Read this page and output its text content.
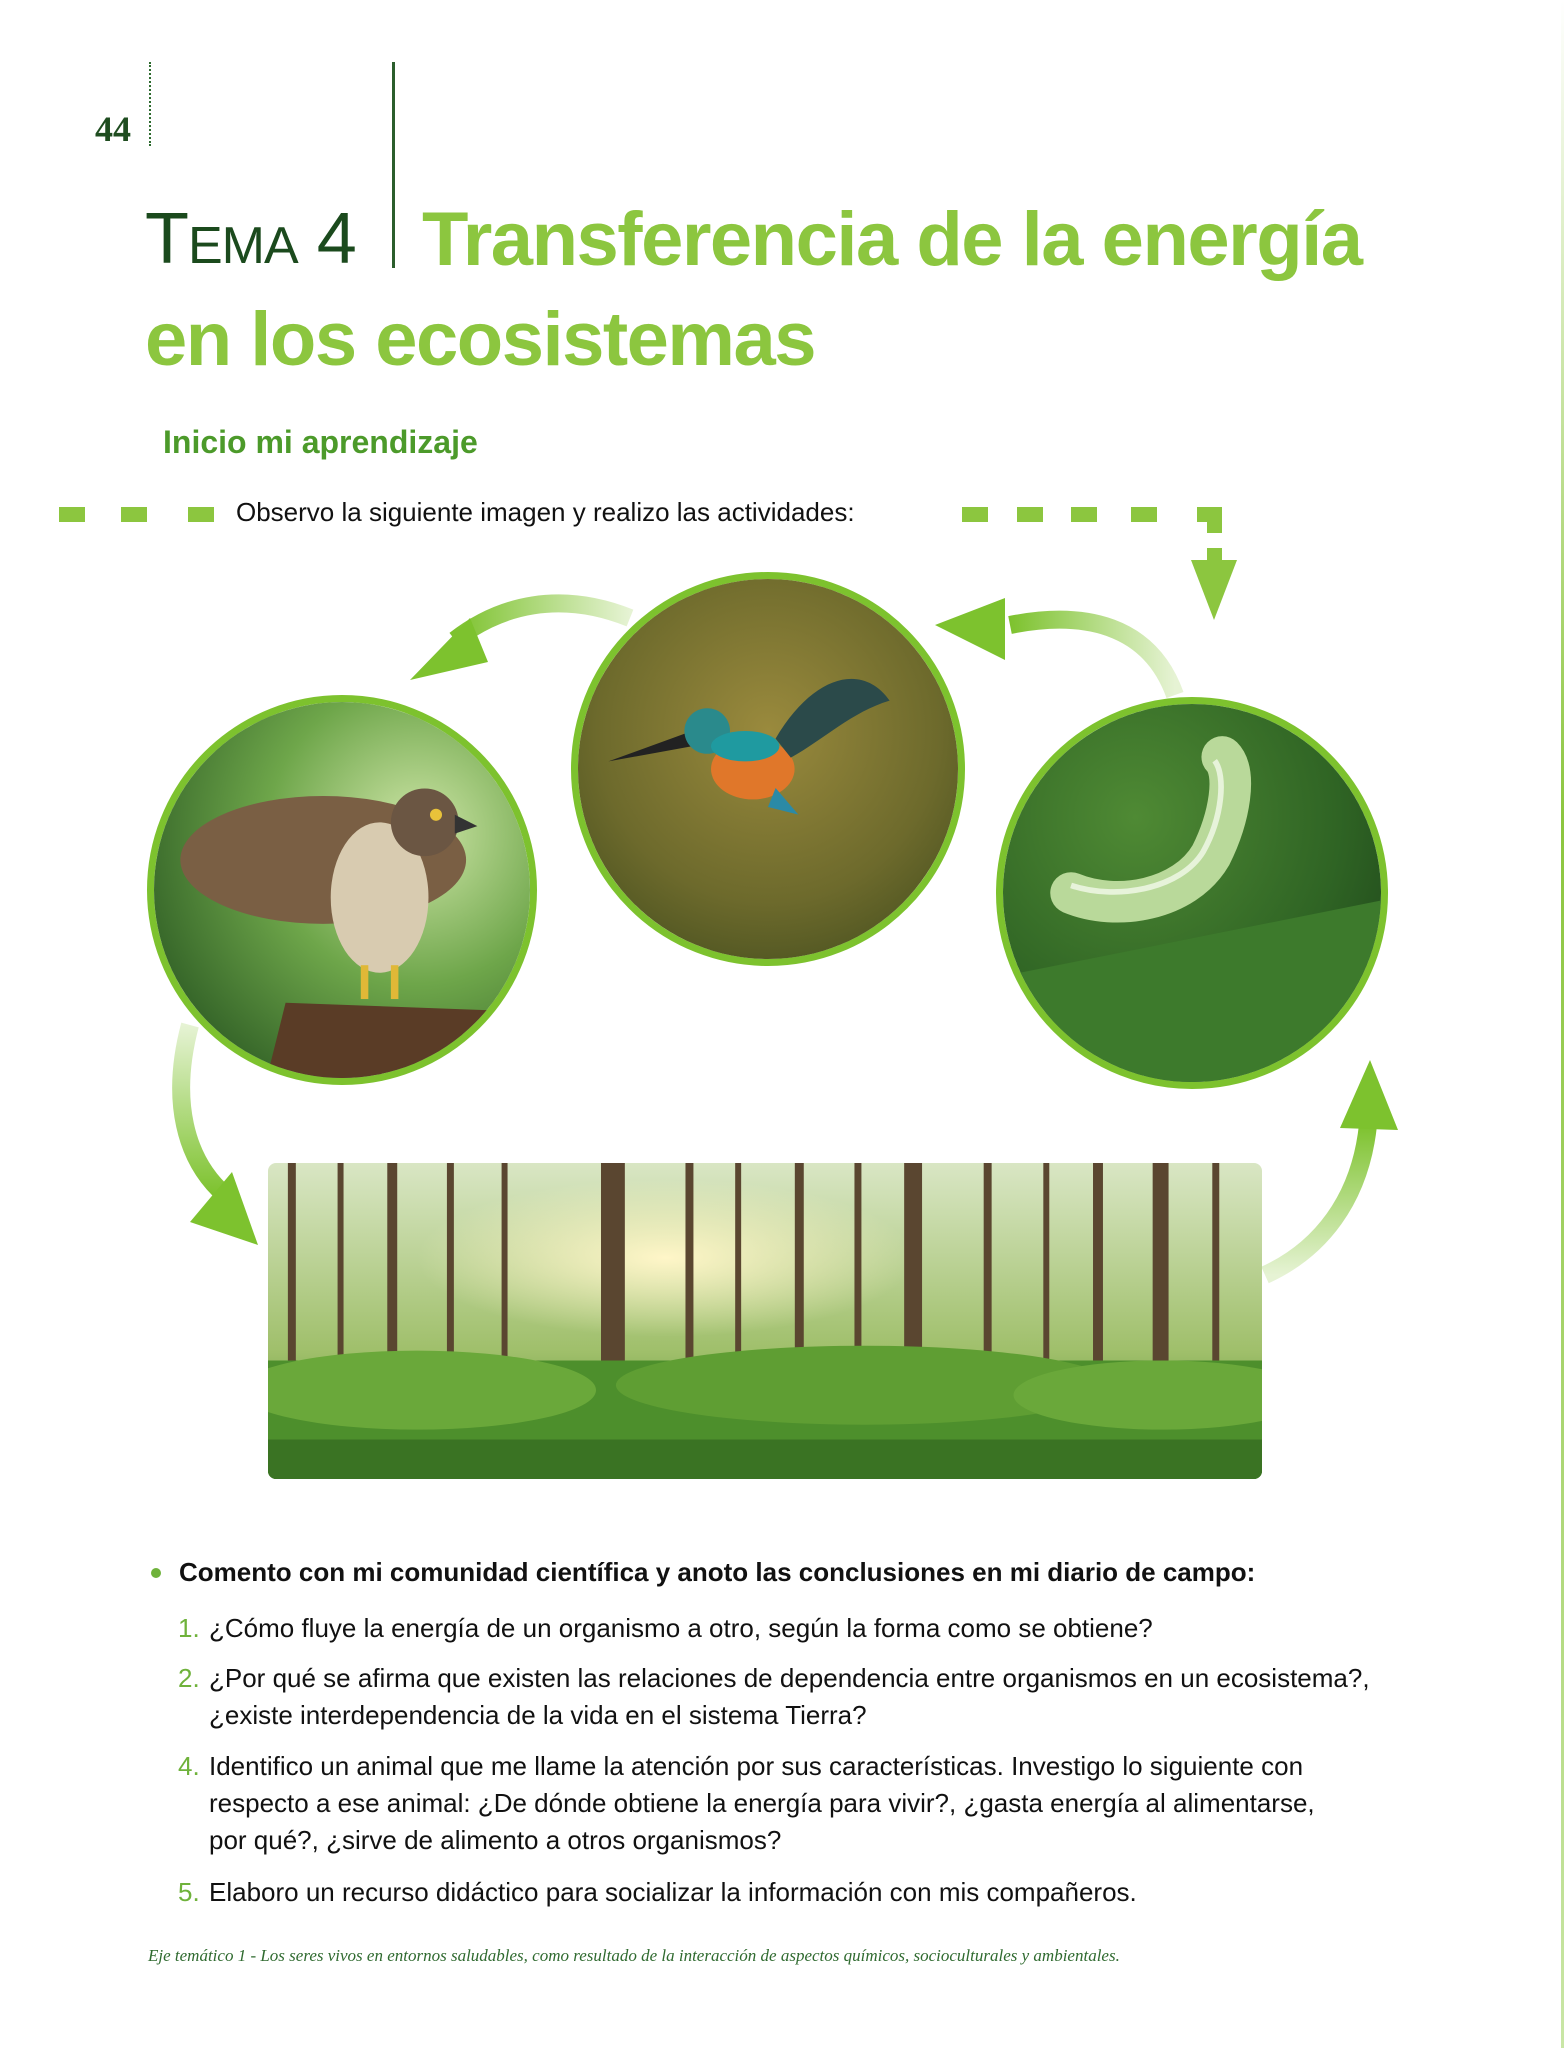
44
TEMA 4 Transferencia de la energía
en los ecosistemas
Inicio mi aprendizaje
Observo la siguiente imagen y realizo las actividades:
Comento con mi comunidad científica y anoto las conclusiones en mi diario de campo:
1. ¿Cómo fluye la energía de un organismo a otro, según la forma como se obtiene?
2. ¿Por qué se afirma que existen las relaciones de dependencia entre organismos en un ecosistema?,
¿existe interdependencia de la vida en el sistema Tierra?
4. Identifico un animal que me llame la atención por sus características. Investigo lo siguiente con
respecto a ese animal: ¿De dónde obtiene la energía para vivir?, ¿gasta energía al alimentarse,
por qué?, ¿sirve de alimento a otros organismos?
5. Elaboro un recurso didáctico para socializar la información con mis compañeros.
Eje temático 1 - Los seres vivos en entornos saludables, como resultado de la interacción de aspectos químicos, socioculturales y ambientales.
